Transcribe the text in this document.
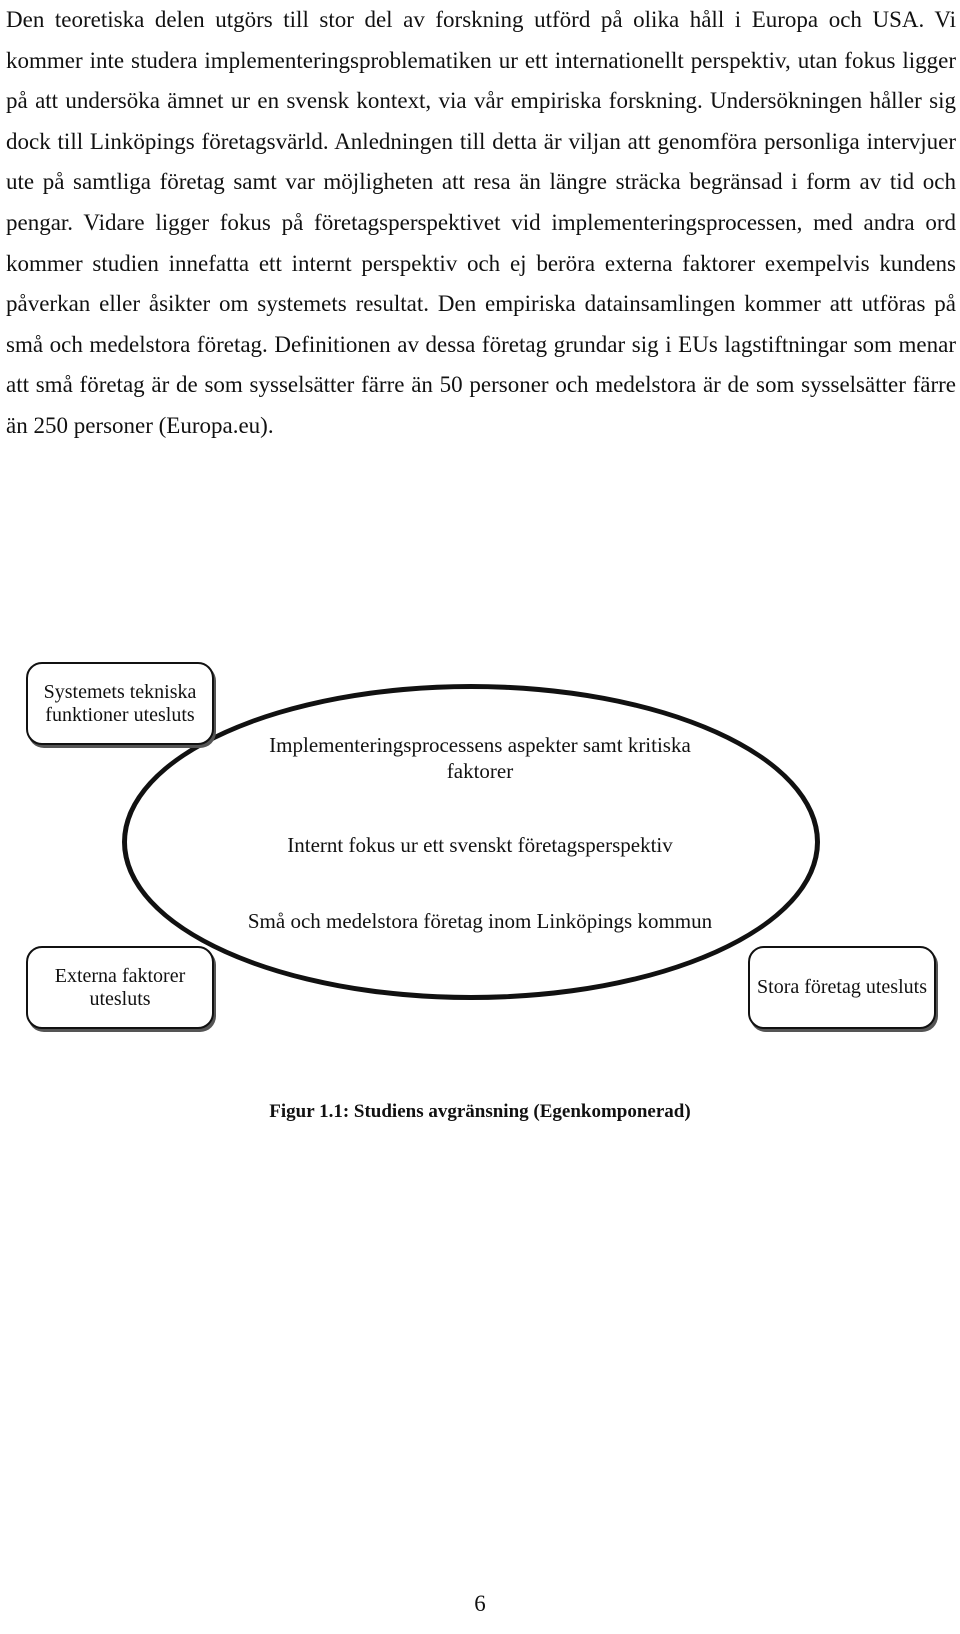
Den teoretiska delen utgörs till stor del av forskning utförd på olika håll i Europa och USA. Vi kommer inte studera implementeringsproblematiken ur ett internationellt perspektiv, utan fokus ligger på att undersöka ämnet ur en svensk kontext, via vår empiriska forskning. Undersökningen håller sig dock till Linköpings företagsvärld. Anledningen till detta är viljan att genomföra personliga intervjuer ute på samtliga företag samt var möjligheten att resa än längre sträcka begränsad i form av tid och pengar. Vidare ligger fokus på företagsperspektivet vid implementeringsprocessen, med andra ord kommer studien innefatta ett internt perspektiv och ej beröra externa faktorer exempelvis kundens påverkan eller åsikter om systemets resultat. Den empiriska datainsamlingen kommer att utföras på små och medelstora företag. Definitionen av dessa företag grundar sig i EUs lagstiftningar som menar att små företag är de som sysselsätter färre än 50 personer och medelstora är de som sysselsätter färre än 250 personer (Europa.eu).

Implementeringsprocessens aspekter samt kritiska faktorer
Internt fokus ur ett svenskt företagsperspektiv
Små och medelstora företag inom Linköpings kommun
Systemets tekniska funktioner utesluts
Externa faktorer utesluts
Stora företag utesluts
Figur 1.1: Studiens avgränsning (Egenkomponerad)
6
